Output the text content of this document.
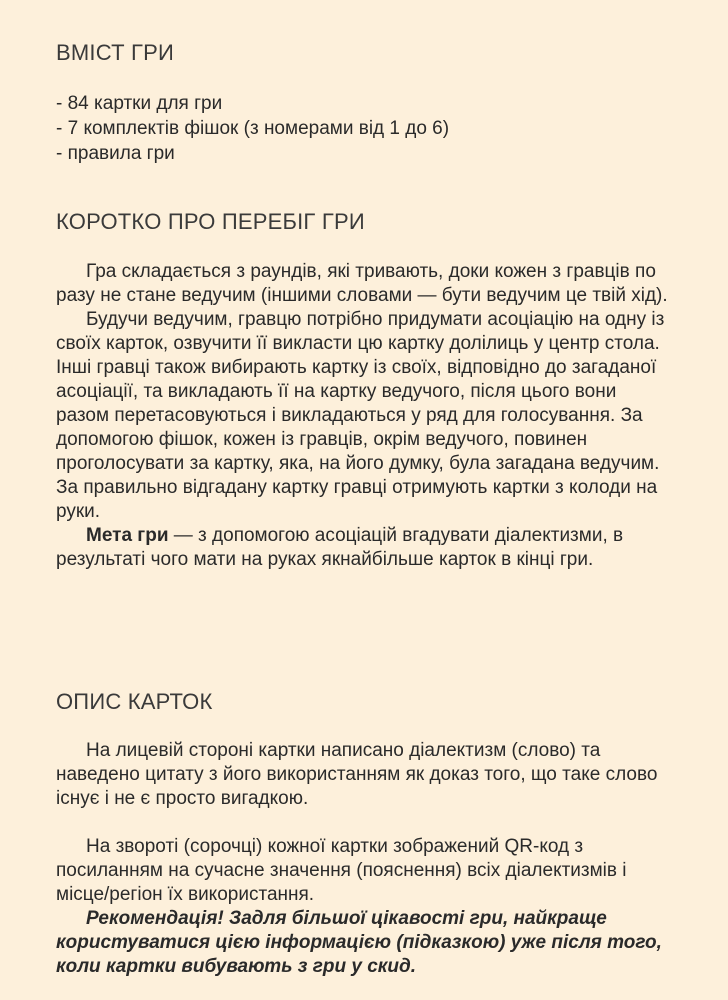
ВМІСТ ГРИ
- 84 картки для гри
- 7 комплектів фішок (з номерами від 1 до 6)
- правила гри
КОРОТКО ПРО ПЕРЕБІГ ГРИ

Гра складається з раундів, які тривають, доки кожен з гравців по разу не стане ведучим (іншими словами — бути ведучим це твій хід).

Будучи ведучим, гравцю потрібно придумати асоціацію на одну із своїх карток, озвучити її викласти цю картку долілиць у центр стола. Інші гравці також вибирають картку із своїх, відповідно до загаданої асоціації, та викладають її на картку ведучого, після цього вони разом перетасовуються і викладаються у ряд для голосування. За допомогою фішок, кожен із гравців, окрім ведучого, повинен проголосувати за картку, яка, на його думку, була загадана ведучим. За правильно відгадану картку гравці отримують картки з колоди на руки.

Мета гри — з допомогою асоціацій вгадувати діалектизми, в результаті чого мати на руках якнайбільше карток в кінці гри.

ОПИС КАРТОК

На лицевій стороні картки написано діалектизм (слово) та наведено цитату з його використанням як доказ того, що таке слово існує і не є просто вигадкою.

На звороті (сорочці) кожної картки зображений QR-код з посиланням на сучасне значення (пояснення) всіх діалектизмів і місце/регіон їх використання.

Рекомендація! Задля більшої цікавості гри, найкраще користуватися цією інформацією (підказкою) уже після того, коли картки вибувають з гри у скид.
